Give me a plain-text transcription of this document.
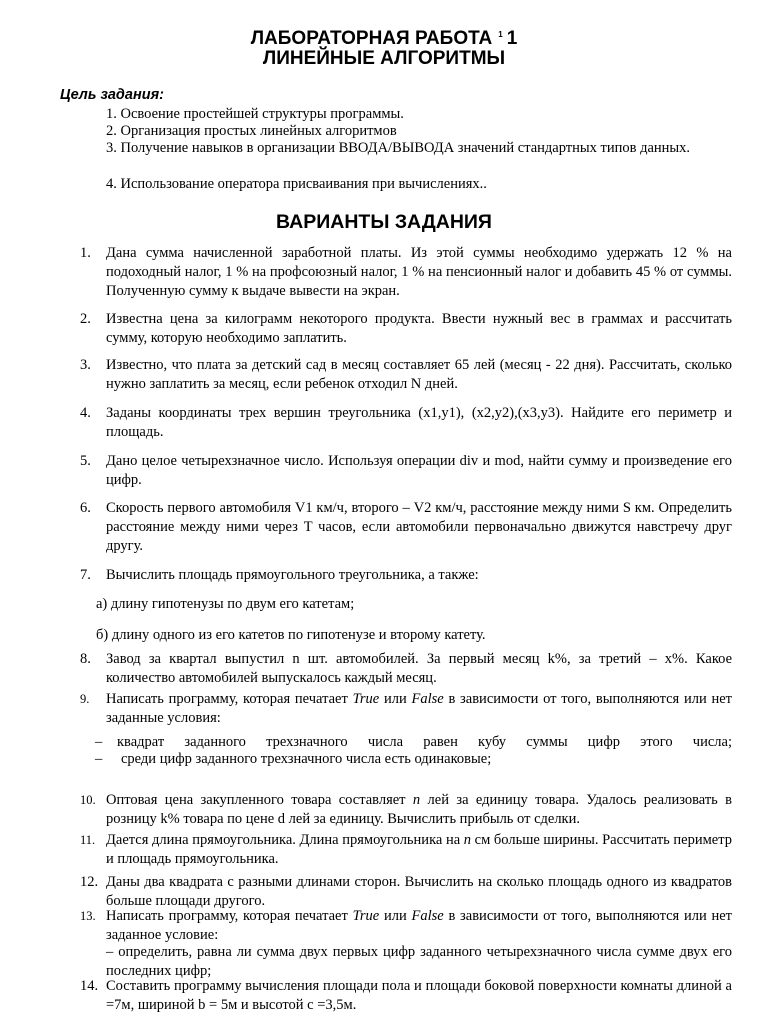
ЛАБОРАТОРНАЯ РАБОТА $^1$ 1
ЛИНЕЙНЫЕ АЛГОРИТМЫ
Цель задания:
1. Освоение простейшей структуры программы.
2. Организация простых линейных алгоритмов
3. Получение навыков в организации ВВОДА/ВЫВОДА значений стандартных типов данных.
4. Использование оператора присваивания при вычислениях..
ВАРИАНТЫ ЗАДАНИЯ
1.	Дана сумма начисленной заработной платы. Из этой суммы необходимо удержать 12 % на подоходный налог, 1 % на профсоюзный налог, 1 % на пенсионный налог и добавить 45 % от суммы. Полученную сумму к выдаче вывести на экран.
2.	Известна цена за килограмм некоторого продукта. Ввести нужный вес в граммах и рассчитать сумму, которую необходимо заплатить.
3.	Известно, что плата за детский сад в месяц составляет 65 лей (месяц - 22 дня). Рассчитать, сколько нужно заплатить за месяц, если ребенок отходил N дней.
4.	Заданы координаты трех вершин треугольника (x1,y1), (x2,y2),(x3,y3). Найдите его периметр и площадь.
5.	Дано целое четырехзначное число. Используя операции div и mod, найти сумму и произведение его цифр.
6.	Скорость первого автомобиля V1 км/ч, второго – V2 км/ч, расстояние между ними S км. Определить расстояние между ними через T часов, если автомобили первоначально движутся навстречу друг другу.
7.	Вычислить площадь прямоугольного треугольника, а также:
а) длину гипотенузы по двум его катетам;
б) длину одного из его катетов по гипотенузе и второму катету.
8.	Завод за квартал выпустил n шт. автомобилей. За первый месяц k%, за третий – x%. Какое количество автомобилей выпускалось каждый месяц.
9.	Написать программу, которая печатает True или False в зависимости от того, выполняются или нет заданные условия:
–	квадрат заданного трехзначного числа равен кубу суммы цифр этого числа;
–	среди цифр заданного трехзначного числа есть одинаковые;
10. Оптовая цена закупленного товара составляет n лей за единицу товара. Удалось реализовать в розницу k% товара по цене d лей за единицу. Вычислить прибыль от сделки.
11. Дается длина прямоугольника. Длина прямоугольника на n см больше ширины. Рассчитать периметр и площадь прямоугольника.
12. Даны два квадрата с разными длинами сторон. Вычислить на сколько площадь одного из квадратов больше площади другого.
13. Написать программу, которая печатает True или False в зависимости от того, выполняются или нет заданное условие:
– определить, равна ли сумма двух первых цифр заданного четырехзначного числа сумме двух его последних цифр;
14. Составить программу вычисления площади пола и площади боковой поверхности комнаты длиной a =7м, шириной b = 5м и высотой c =3,5м.
